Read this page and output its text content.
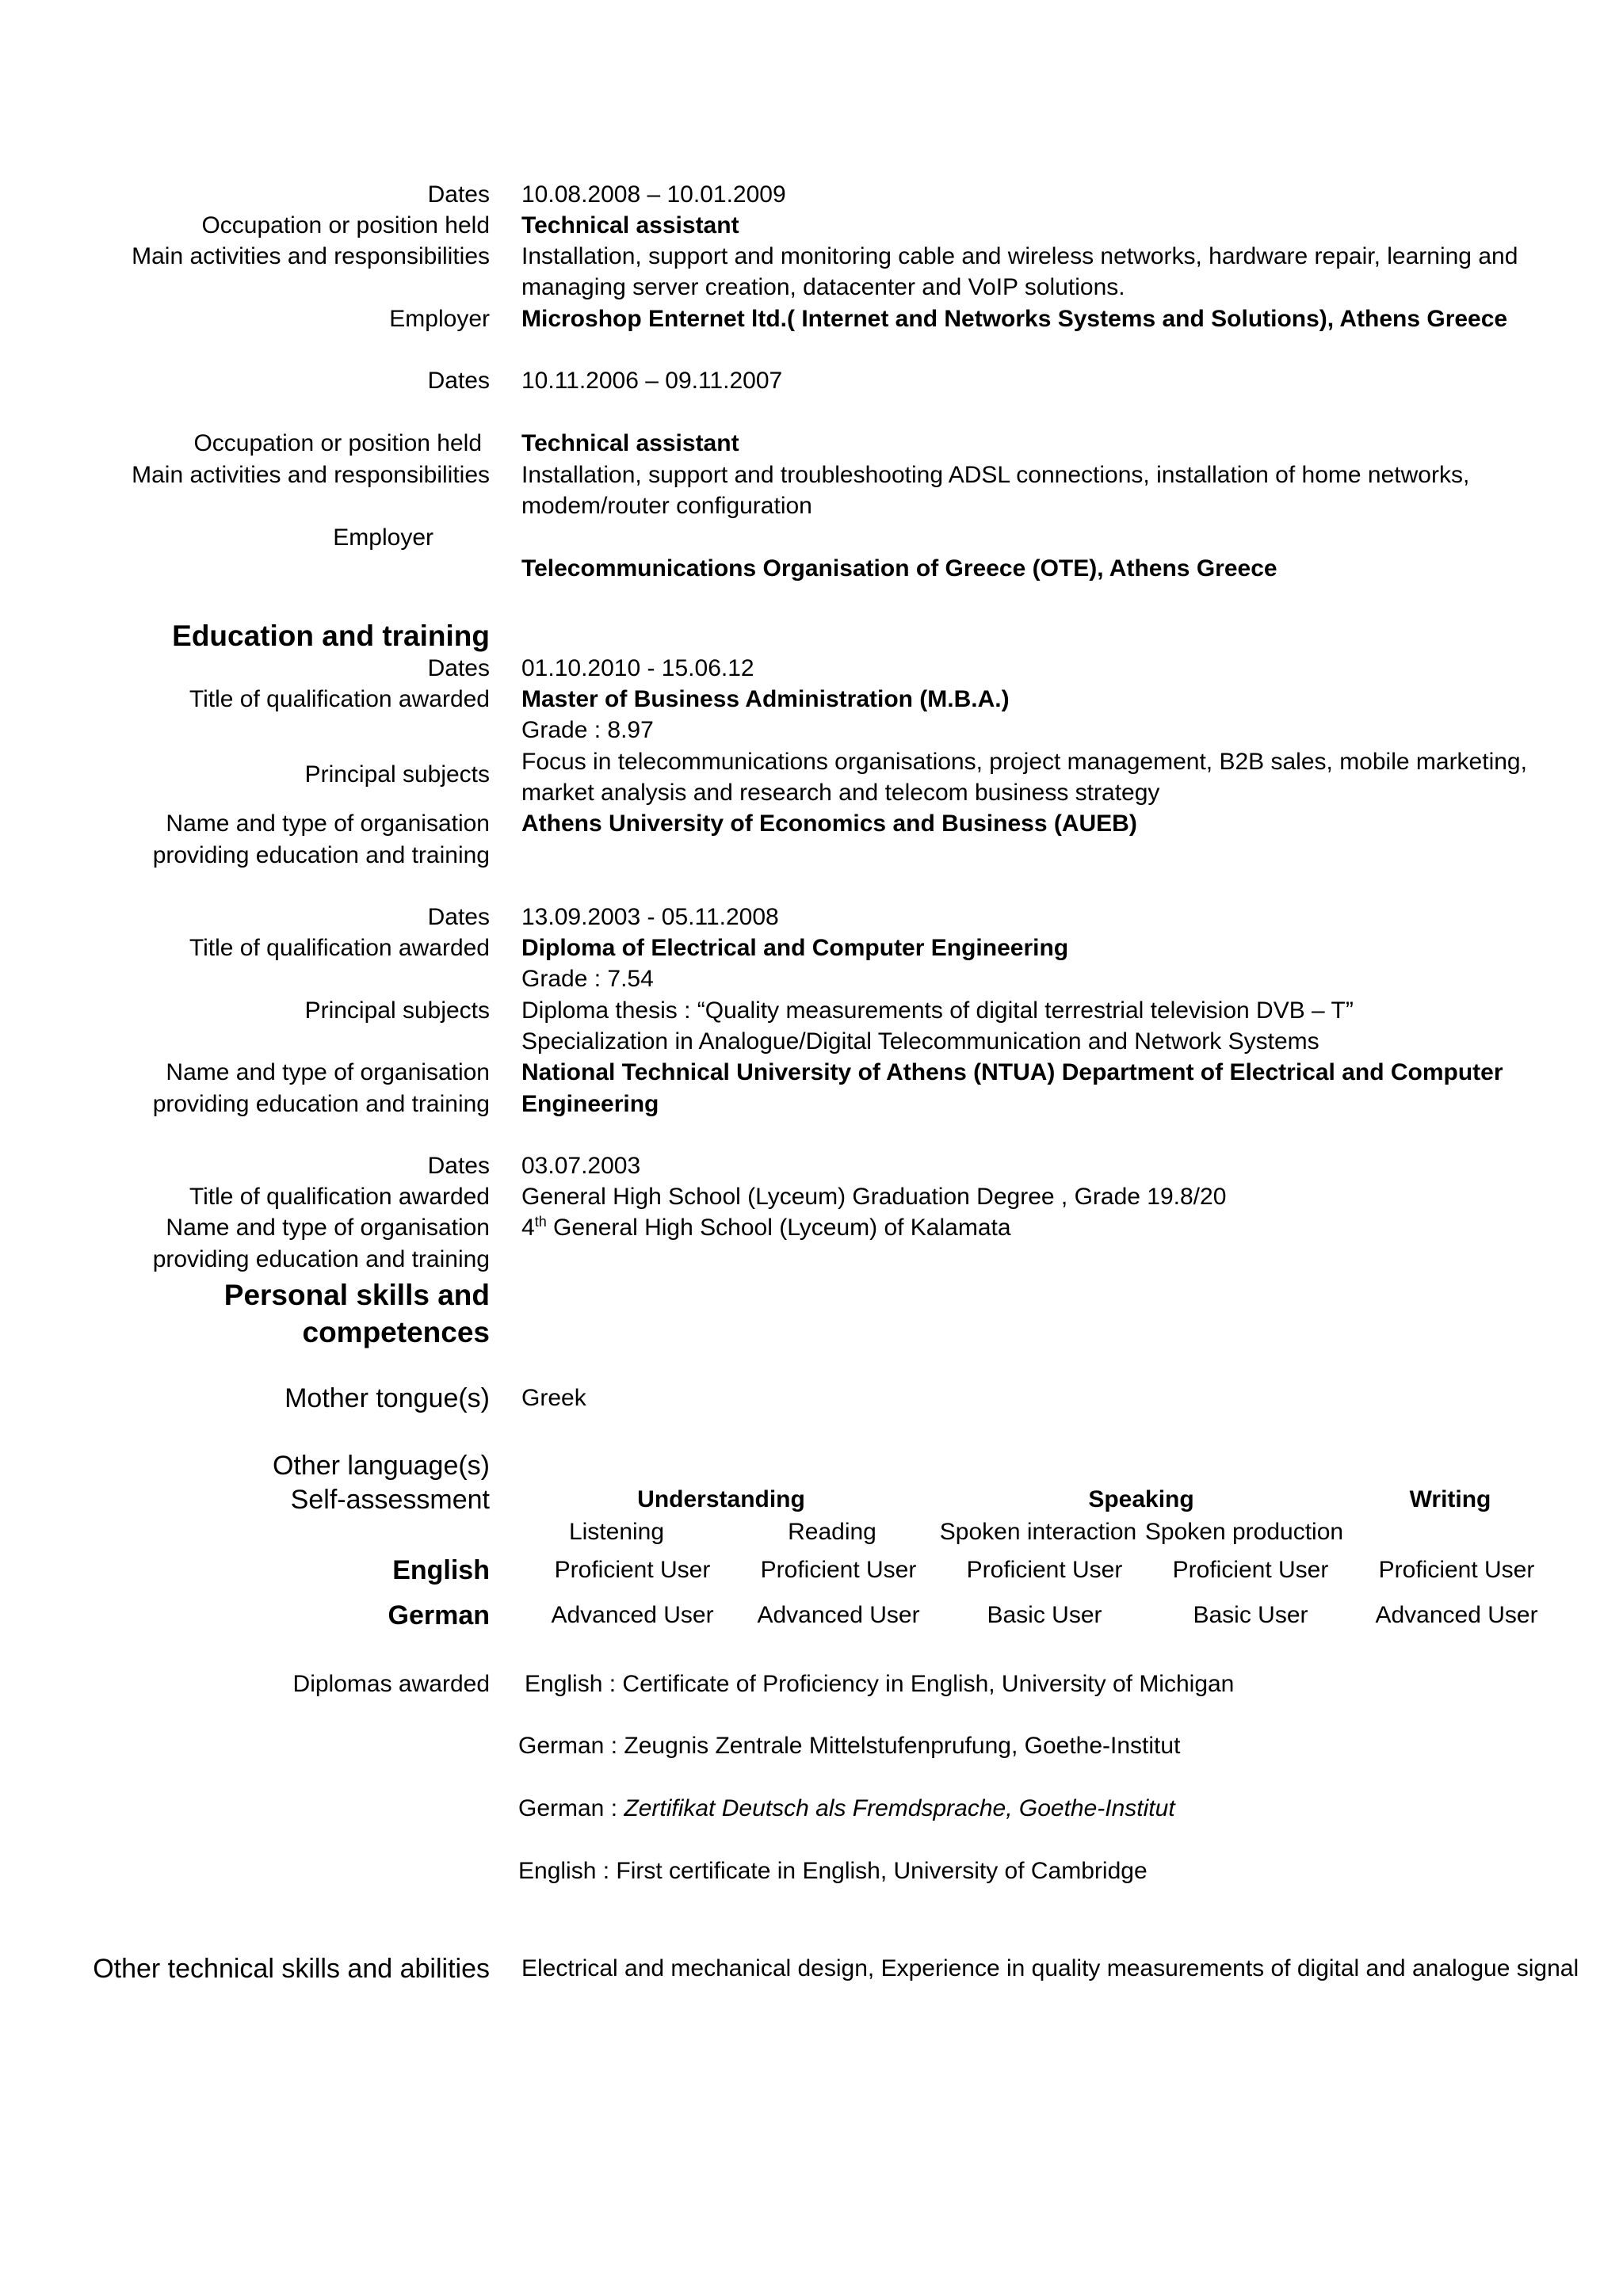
Dates 10.08.2008 – 10.01.2009
Occupation or position held Technical assistant
Main activities and responsibilities Installation, support and monitoring cable and wireless networks, hardware repair, learning and
managing server creation, datacenter and VoIP solutions.
Employer Microshop Enternet ltd.( Internet and Networks Systems and Solutions), Athens Greece
Dates 10.11.2006 – 09.11.2007
Occupation or position held Technical assistant
Main activities and responsibilities Installation, support and troubleshooting ADSL connections, installation of home networks,
modem/router configuration
Employer
Telecommunications Organisation of Greece (OTE), Athens Greece
Education and training
Dates 01.10.2010 - 15.06.12
Title of qualification awarded Master of Business Administration (M.B.A.)
Grade : 8.97
Principal subjects Focus in telecommunications organisations, project management, B2B sales, mobile marketing,
market analysis and research and telecom business strategy
Name and type of organisation Athens University of Economics and Business (AUEB)
providing education and training
Dates 13.09.2003 - 05.11.2008
Title of qualification awarded Diploma of Electrical and Computer Engineering
Grade : 7.54
Principal subjects Diploma thesis : “Quality measurements of digital terrestrial television DVB – T”
Specialization in Analogue/Digital Telecommunication and Network Systems
Name and type of organisation National Technical University of Athens (NTUA) Department of Electrical and Computer
providing education and training Engineering
Dates 03.07.2003
Title of qualification awarded General High School (Lyceum) Graduation Degree , Grade 19.8/20
Name and type of organisation 4th General High School (Lyceum) of Kalamata
providing education and training
Personal skills and
competences
Mother tongue(s) Greek
Other language(s)
Self-assessment	Understanding	Speaking	Writing
Listening	Reading	Spoken interaction Spoken production
English	Proficient User Proficient User Proficient User Proficient User Proficient User
German	Advanced User Advanced User	Basic User	Basic User	Advanced User
Diplomas awarded English : Certificate of Proficiency in English, University of Michigan
German : Zeugnis Zentrale Mittelstufenprufung, Goethe-Institut
German : Zertifikat Deutsch als Fremdsprache, Goethe-Institut
English : First certificate in English, University of Cambridge
Other technical skills and abilities Electrical and mechanical design, Experience in quality measurements of digital and analogue signal
